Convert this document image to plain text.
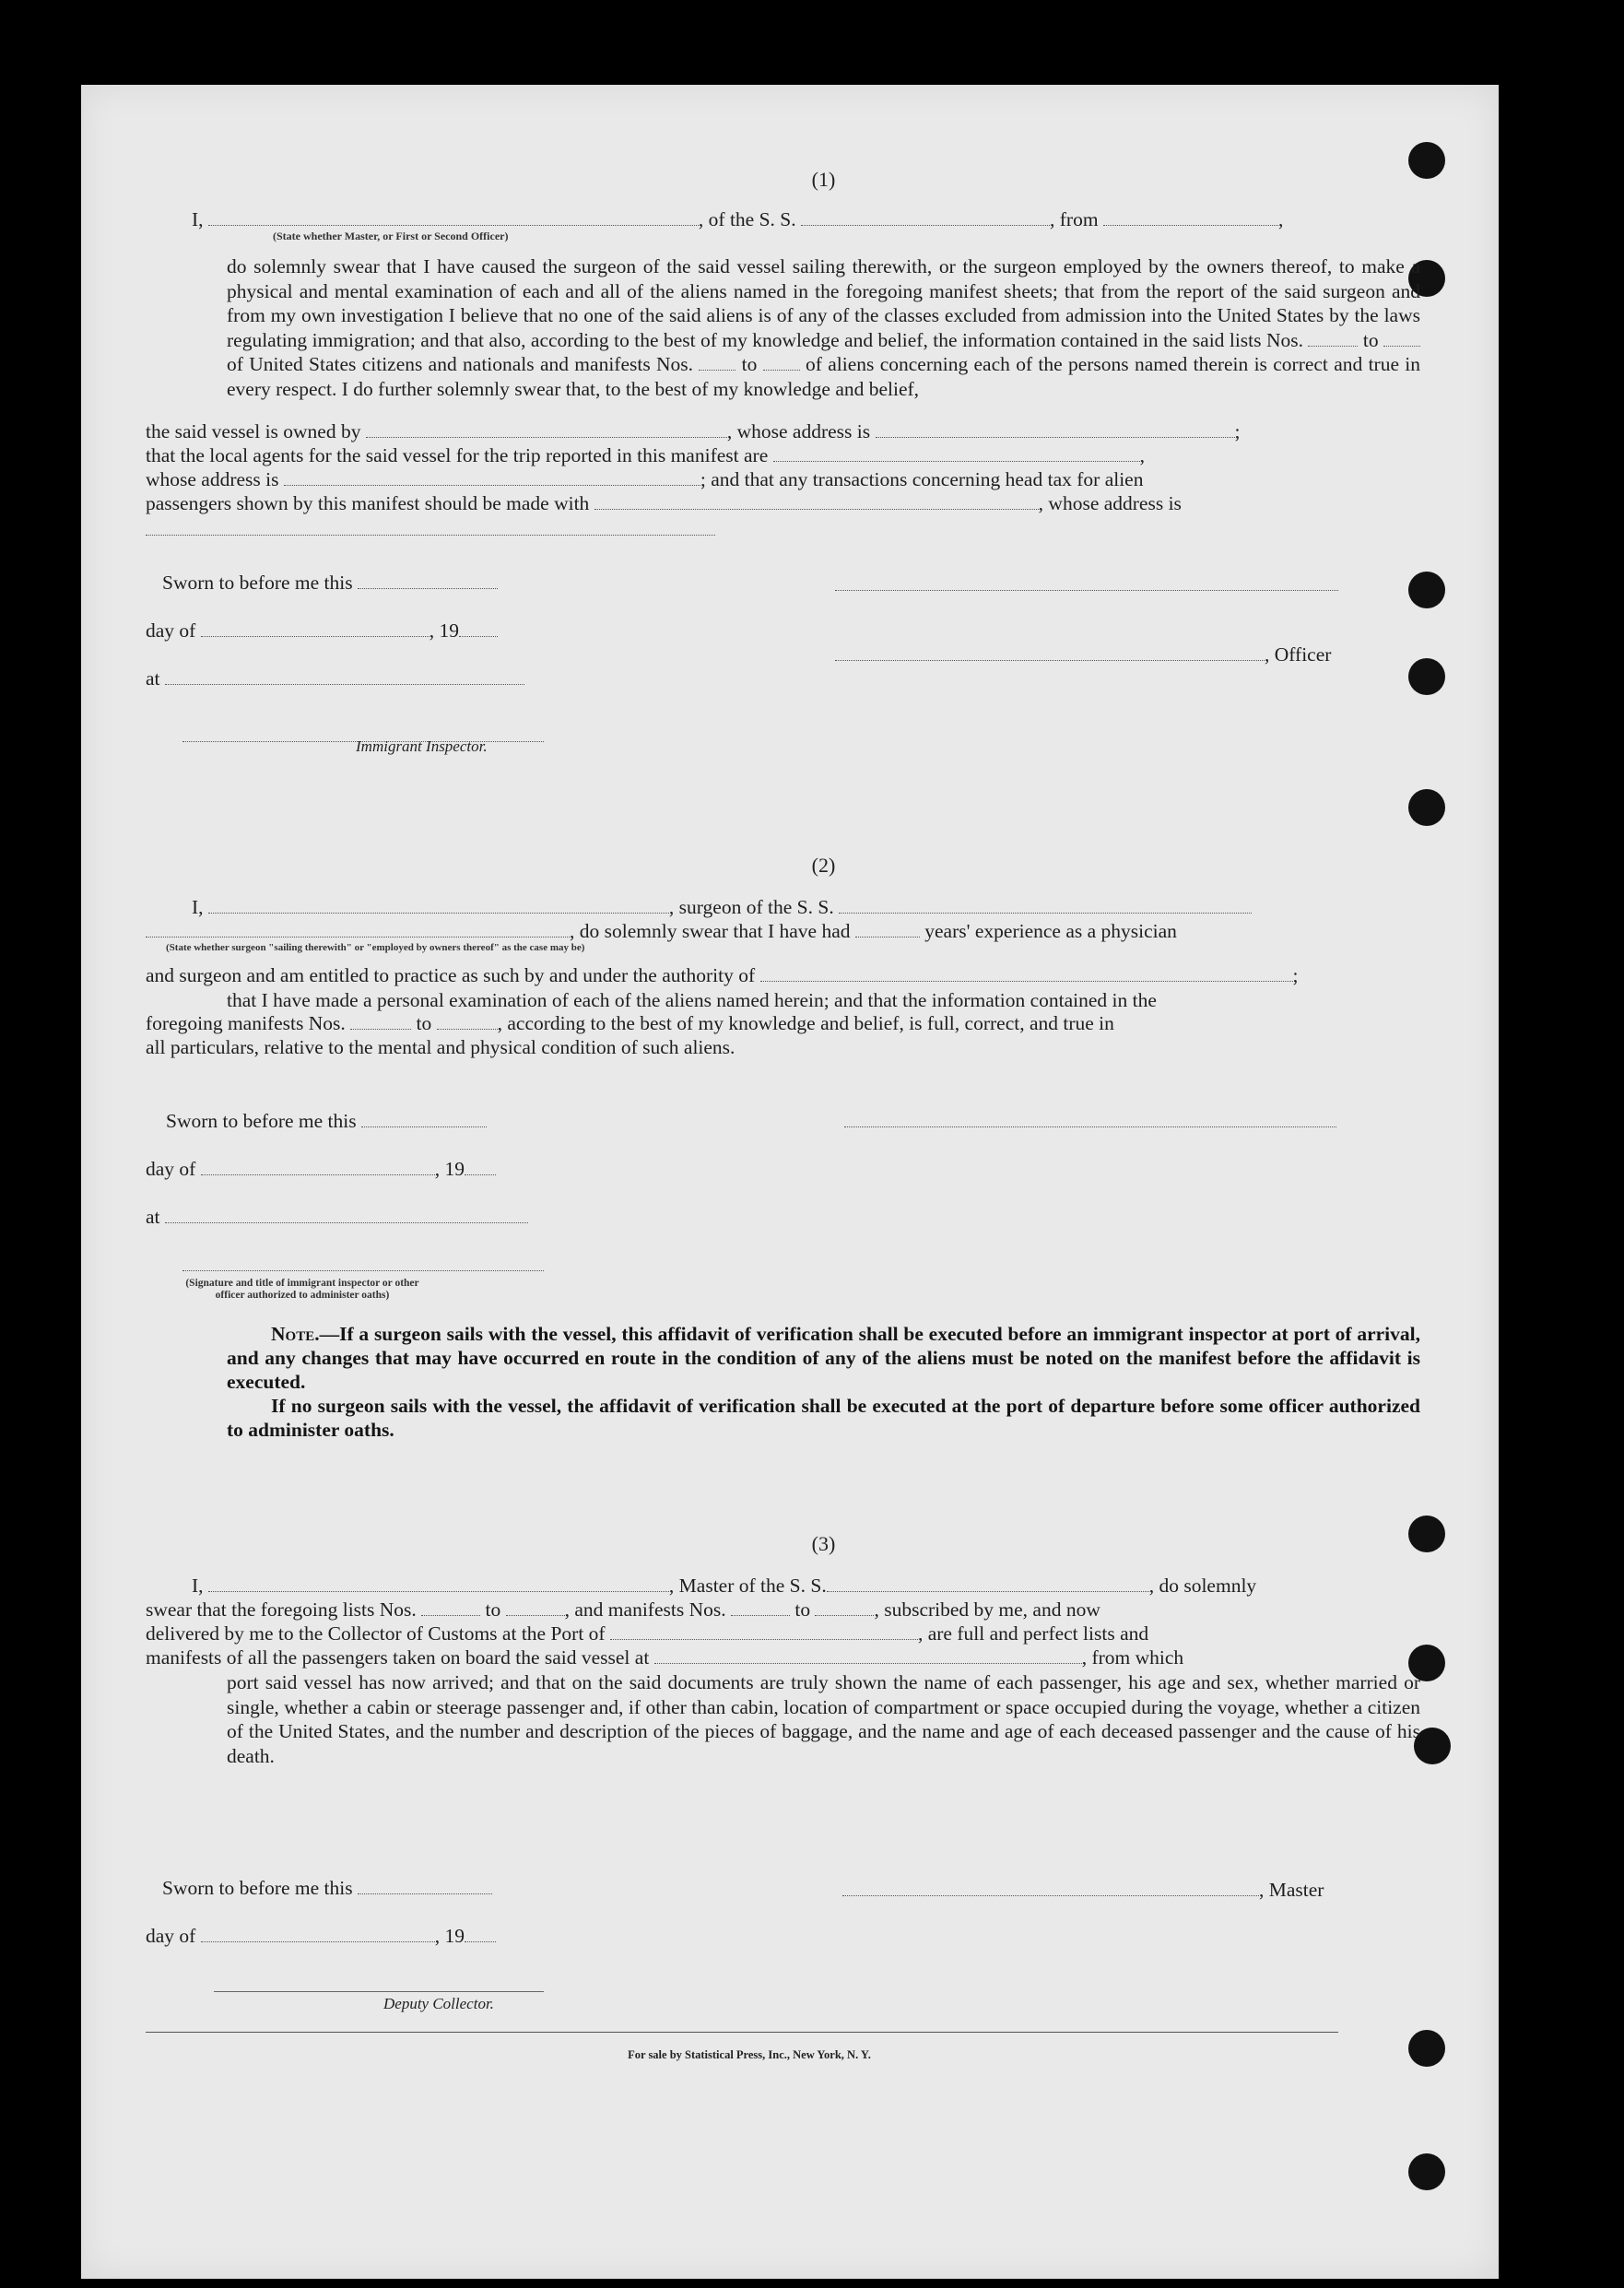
(1)
I,	, of the S. S.	, from	,
(State whether Master, or First or Second Officer)
do solemnly swear that I have caused the surgeon of the said vessel sailing therewith, or the surgeon employed by the owners thereof, to make a physical and mental examination of each and all of the aliens named in the foregoing manifest sheets; that from the report of the said surgeon and from my own investigation I believe that no one of the said aliens is of any of the classes excluded from admission into the United States by the laws regulating immigration; and that also, according to the best of my knowledge and belief, the information contained in the said lists Nos.	to  of United States citizens and nationals and manifests Nos. to of aliens concerning each of the persons named therein is correct and true in every respect. I do further solemnly swear that, to the best of my knowledge and belief,
the said vessel is owned by	, whose address is	;
that the local agents for the said vessel for the trip reported in this manifest are	,
whose address is	; and that any transactions concerning head tax for alien
passengers shown by this manifest should be made with	, whose address is
Sworn to before me this
day of	, 19
, Officer
at
Immigrant Inspector.
(2)
I,	, surgeon of the S. S.
, do solemnly swear that I have had	years' experience as a physician
(State whether surgeon "sailing therewith" or "employed by owners thereof" as the case may be)
and surgeon and am entitled to practice as such by and under the authority of	;
that I have made a personal examination of each of the aliens named herein; and that the information contained in the
foregoing manifests Nos.	to	, according to the best of my knowledge and belief, is full, correct, and true in
all particulars, relative to the mental and physical condition of such aliens.
Sworn to before me this
day of	, 19
at
(Signature and title of immigrant inspector or other officer authorized to administer oaths)
Note.—If a surgeon sails with the vessel, this affidavit of verification shall be executed before an immigrant inspector at port of arrival, and any changes that may have occurred en route in the condition of any of the aliens must be noted on the manifest before the affidavit is executed.
If no surgeon sails with the vessel, the affidavit of verification shall be executed at the port of departure before some officer authorized to administer oaths.
(3)
I,	, Master of the S. S.	, do solemnly
swear that the foregoing lists Nos.	to	, and manifests Nos.	to	, subscribed by me, and now
delivered by me to the Collector of Customs at the Port of	, are full and perfect lists and
manifests of all the passengers taken on board the said vessel at	, from which
port said vessel has now arrived; and that on the said documents are truly shown the name of each passenger, his age and sex, whether married or single, whether a cabin or steerage passenger and, if other than cabin, location of compartment or space occupied during the voyage, whether a citizen of the United States, and the number and description of the pieces of baggage, and the name and age of each deceased passenger and the cause of his death.
Sworn to before me this	, Master
day of	, 19
Deputy Collector.
For sale by Statistical Press, Inc., New York, N. Y.
